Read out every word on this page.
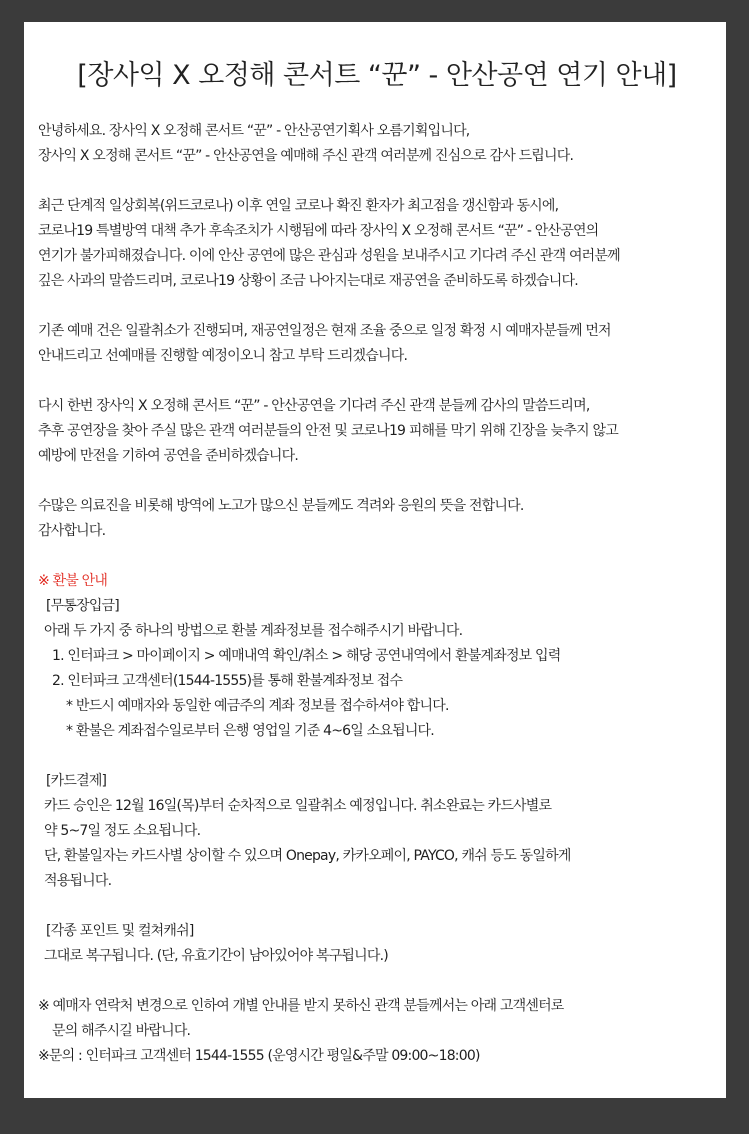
[장사익 X 오정해 콘서트 “꾼” - 안산공연 연기 안내]
안녕하세요. 장사익 X 오정해 콘서트 “꾼” - 안산공연기획사 오름기획입니다,
장사익 X 오정해 콘서트 “꾼” - 안산공연을 예매해 주신 관객 여러분께 진심으로 감사 드립니다.
최근 단계적 일상회복(위드코로나) 이후 연일 코로나 확진 환자가 최고점을 갱신함과 동시에,
코로나19 특별방역 대책 추가 후속조치가 시행됨에 따라 장사익 X 오정해 콘서트 “꾼” - 안산공연의
연기가 불가피해졌습니다. 이에 안산 공연에 많은 관심과 성원을 보내주시고 기다려 주신 관객 여러분께
깊은 사과의 말씀드리며, 코로나19 상황이 조금 나아지는대로 재공연을 준비하도록 하겠습니다.
기존 예매 건은 일괄취소가 진행되며, 재공연일정은 현재 조율 중으로 일정 확정 시 예매자분들께 먼저
안내드리고 선예매를 진행할 예정이오니 참고 부탁 드리겠습니다.
다시 한번 장사익 X 오정해 콘서트 “꾼” - 안산공연을 기다려 주신 관객 분들께 감사의 말씀드리며,
추후 공연장을 찾아 주실 많은 관객 여러분들의 안전 및 코로나19 피해를 막기 위해 긴장을 늦추지 않고
예방에 만전을 기하여 공연을 준비하겠습니다.
수많은 의료진을 비롯해 방역에 노고가 많으신 분들께도 격려와 응원의 뜻을 전합니다.
감사합니다.
※ 환불 안내
[무통장입금]
아래 두 가지 중 하나의 방법으로 환불 계좌정보를 접수해주시기 바랍니다.
1. 인터파크 > 마이페이지 > 예매내역 확인/취소 > 해당 공연내역에서 환불계좌정보 입력
2. 인터파크 고객센터(1544-1555)를 통해 환불계좌정보 접수
* 반드시 예매자와 동일한 예금주의 계좌 정보를 접수하셔야 합니다.
* 환불은 계좌접수일로부터 은행 영업일 기준 4~6일 소요됩니다.
[카드결제]
카드 승인은 12월 16일(목)부터 순차적으로 일괄취소 예정입니다. 취소완료는 카드사별로
약 5~7일 정도 소요됩니다.
단, 환불일자는 카드사별 상이할 수 있으며 Onepay, 카카오페이, PAYCO, 캐쉬 등도 동일하게
적용됩니다.
[각종 포인트 및 컬쳐캐쉬]
그대로 복구됩니다. (단, 유효기간이 남아있어야 복구됩니다.)
※ 예매자 연락처 변경으로 인하여 개별 안내를 받지 못하신 관객 분들께서는 아래 고객센터로
문의 해주시길 바랍니다.
※문의 : 인터파크 고객센터 1544-1555 (운영시간 평일&주말 09:00~18:00)
